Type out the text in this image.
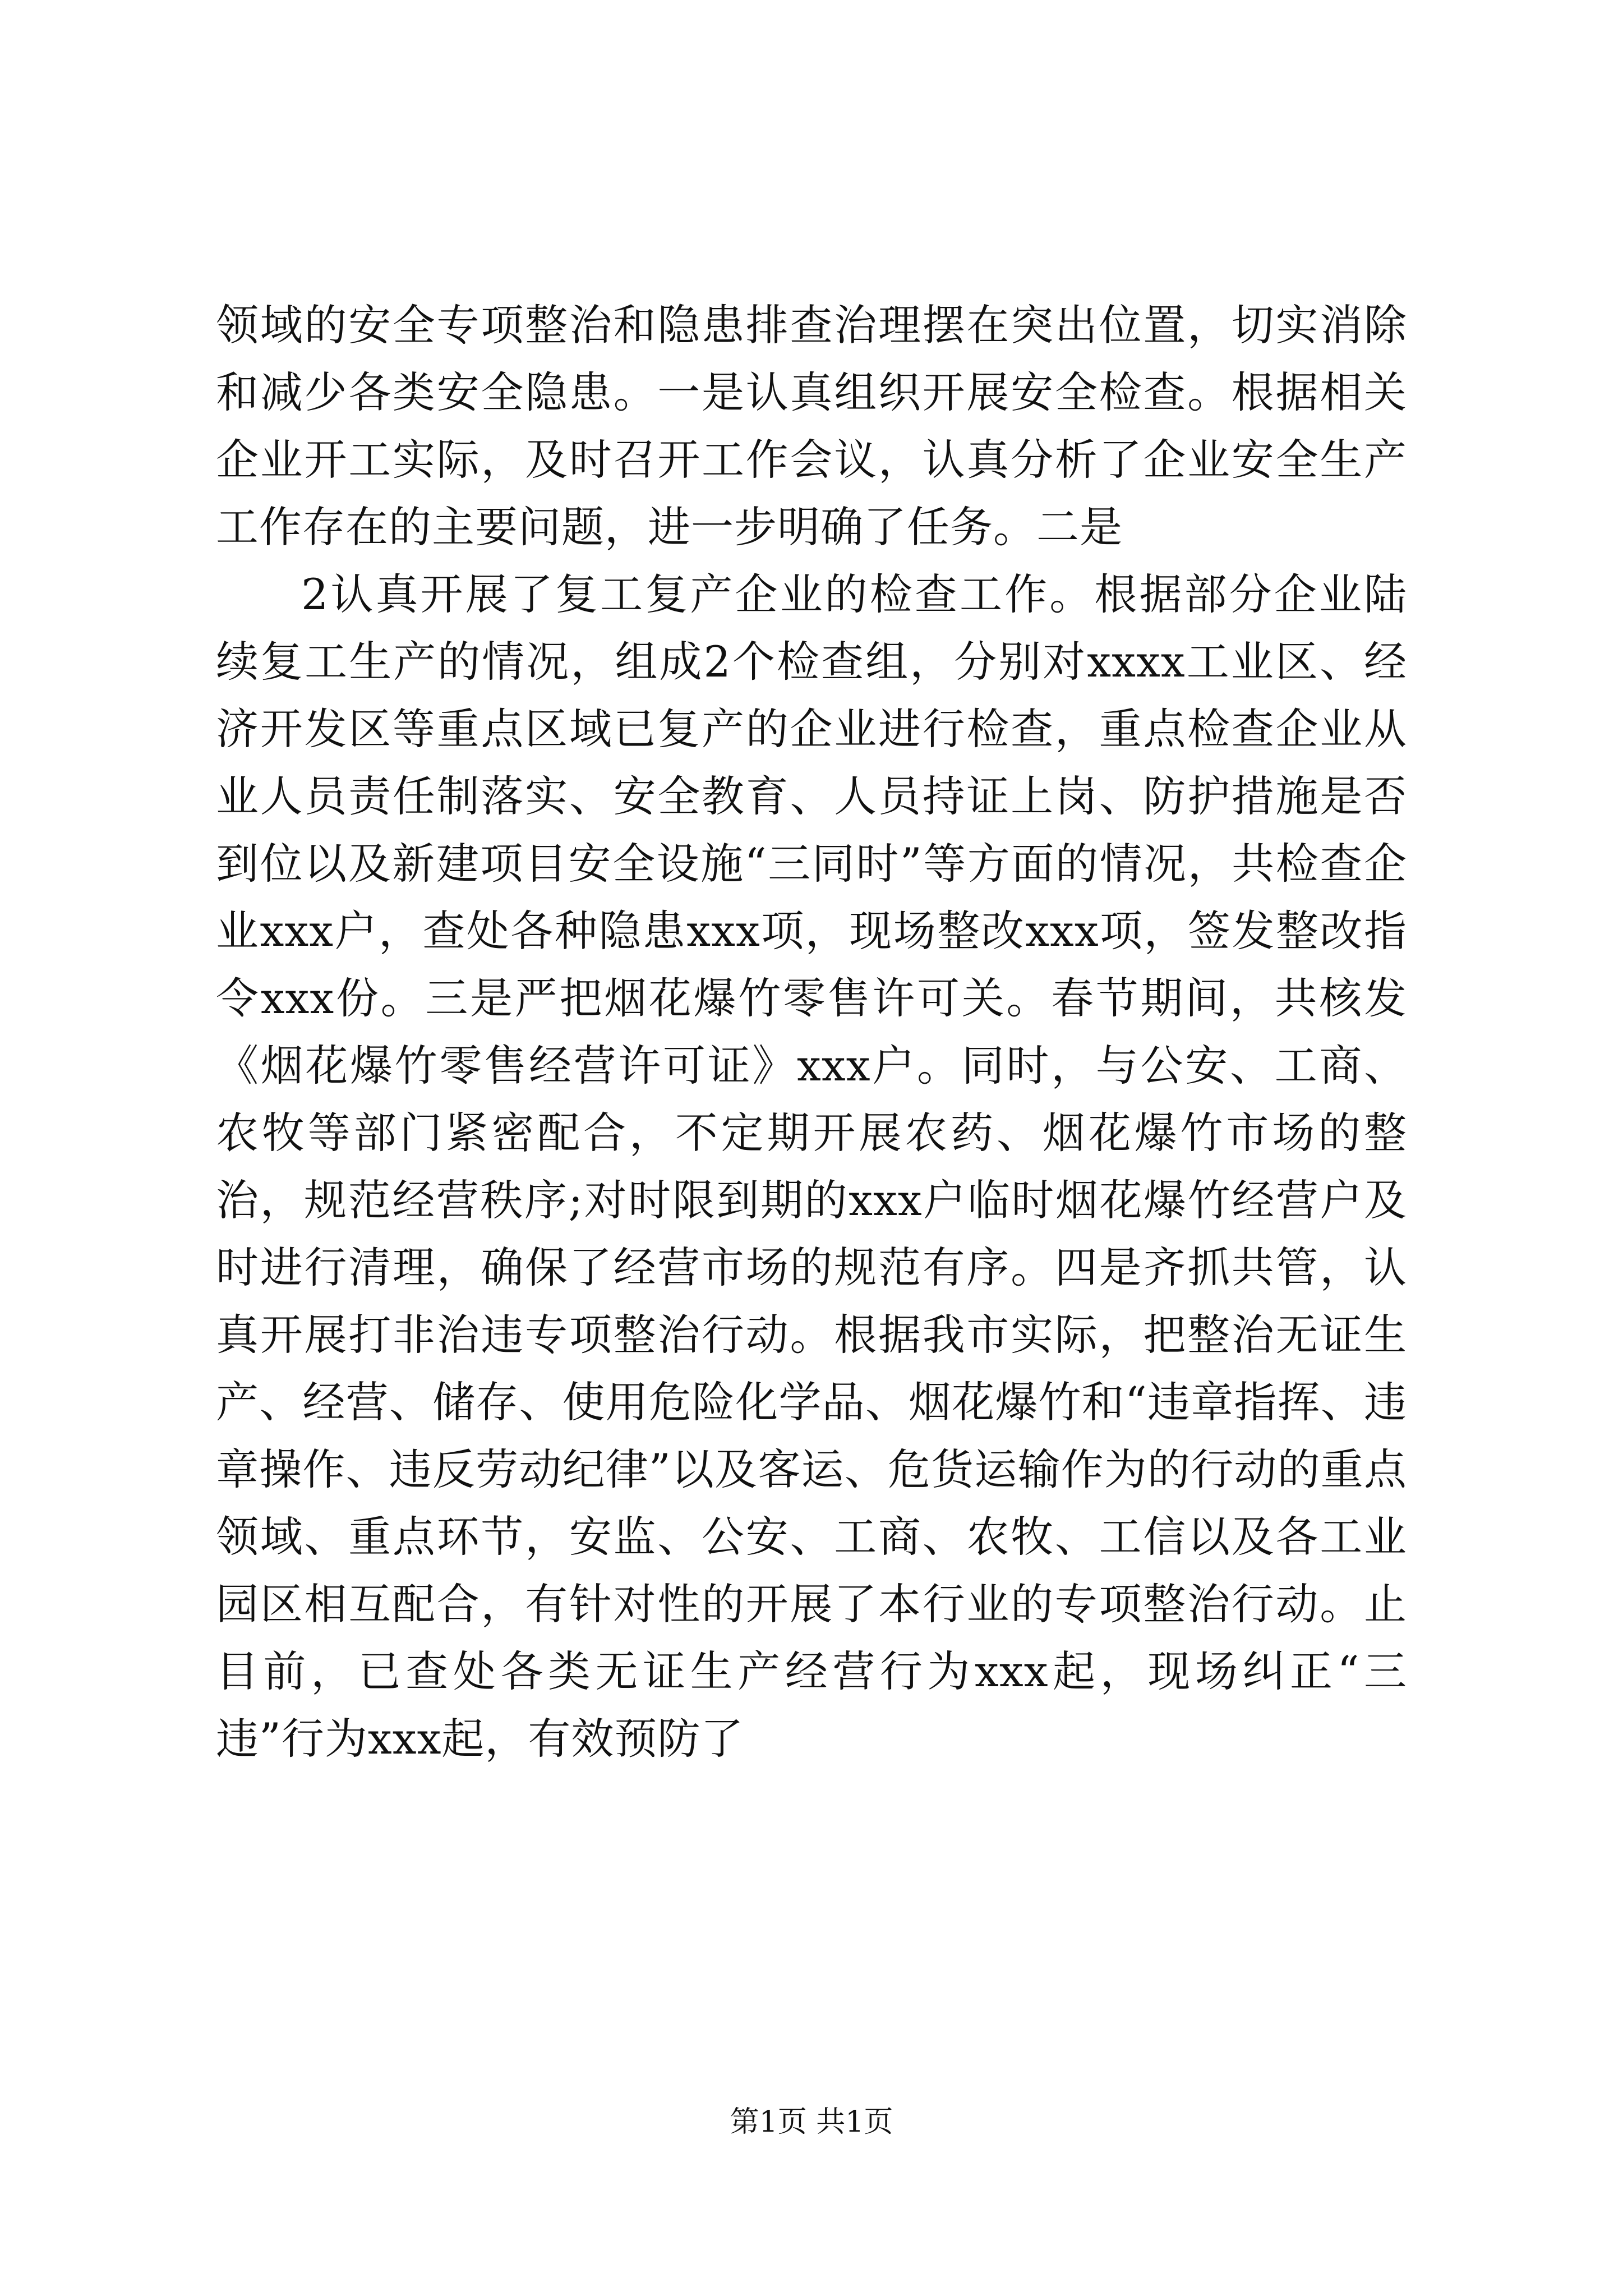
领域的安全专项整治和隐患排查治理摆在突出位置，切实消除和减少各类安全隐患。一是认真组织开展安全检查。根据相关企业开工实际，及时召开工作会议，认真分析了企业安全生产工作存在的主要问题，进一步明确了任务。二是

2认真开展了复工复产企业的检查工作。根据部分企业陆续复工生产的情况，组成2个检查组，分别对xxxx工业区、经济开发区等重点区域已复产的企业进行检查，重点检查企业从业人员责任制落实、安全教育、人员持证上岗、防护措施是否到位以及新建项目安全设施“三同时”等方面的情况，共检查企业xxx户，查处各种隐患xxx项，现场整改xxx项，签发整改指令xxx份。三是严把烟花爆竹零售许可关。春节期间，共核发《烟花爆竹零售经营许可证》xxx户。同时，与公安、工商、农牧等部门紧密配合，不定期开展农药、烟花爆竹市场的整治，规范经营秩序;对时限到期的xxx户临时烟花爆竹经营户及时进行清理，确保了经营市场的规范有序。四是齐抓共管，认真开展打非治违专项整治行动。根据我市实际，把整治无证生产、经营、储存、使用危险化学品、烟花爆竹和“违章指挥、违章操作、违反劳动纪律”以及客运、危货运输作为的行动的重点领域、重点环节，安监、公安、工商、农牧、工信以及各工业园区相互配合，有针对性的开展了本行业的专项整治行动。止目前，已查处各类无证生产经营行为xxx起，现场纠正“三违”行为xxx起，有效预防了

第1页 共1页
